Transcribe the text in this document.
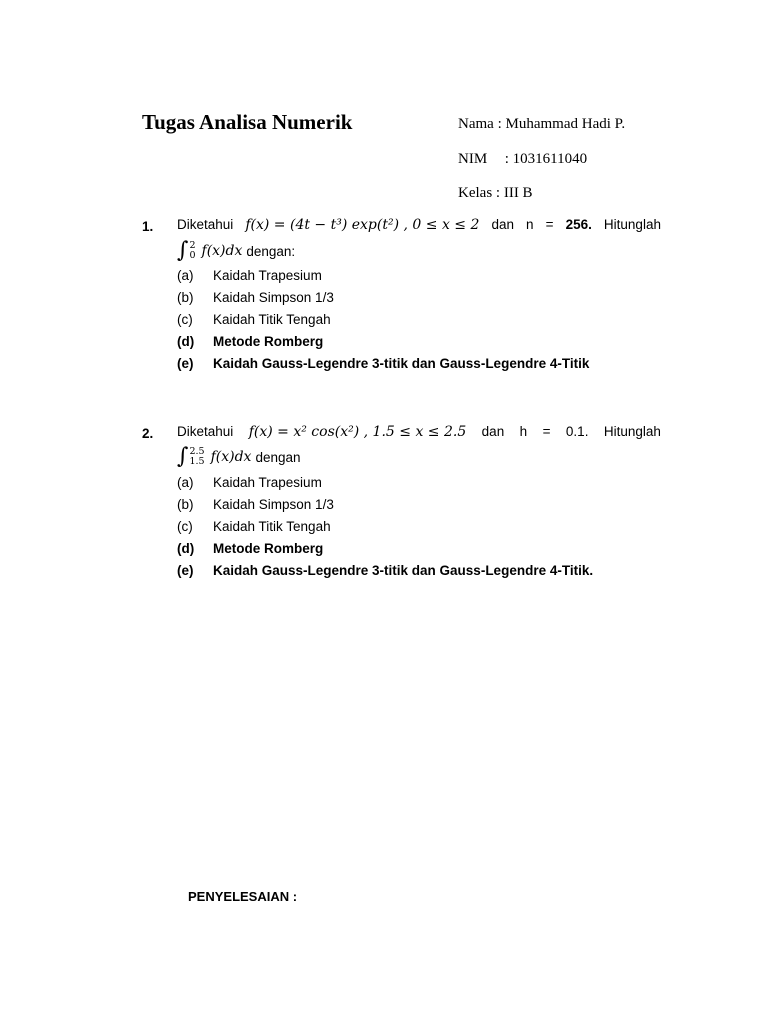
Tugas Analisa Numerik	Nama : Muhammad Hadi P.
NIM : 1031611040
Kelas : III B
1. Diketahui f(x) = (4t − t³) exp(t²) , 0 ≤ x ≤ 2 dan n = 256. Hitunglah
∫ 2
0 f(x)dx dengan:
(a) Kaidah Trapesium
(b) Kaidah Simpson 1/3
(c) Kaidah Titik Tengah
(d) Metode Romberg
(e) Kaidah Gauss-Legendre 3-titik dan Gauss-Legendre 4-Titik
2. Diketahui f(x) = x² cos(x²) , 1.5 ≤ x ≤ 2.5 dan h = 0.1. Hitunglah
∫ 2.5
1.5 f(x)dx dengan
(a) Kaidah Trapesium
(b) Kaidah Simpson 1/3
(c) Kaidah Titik Tengah
(d) Metode Romberg
(e) Kaidah Gauss-Legendre 3-titik dan Gauss-Legendre 4-Titik.
PENYELESAIAN :
